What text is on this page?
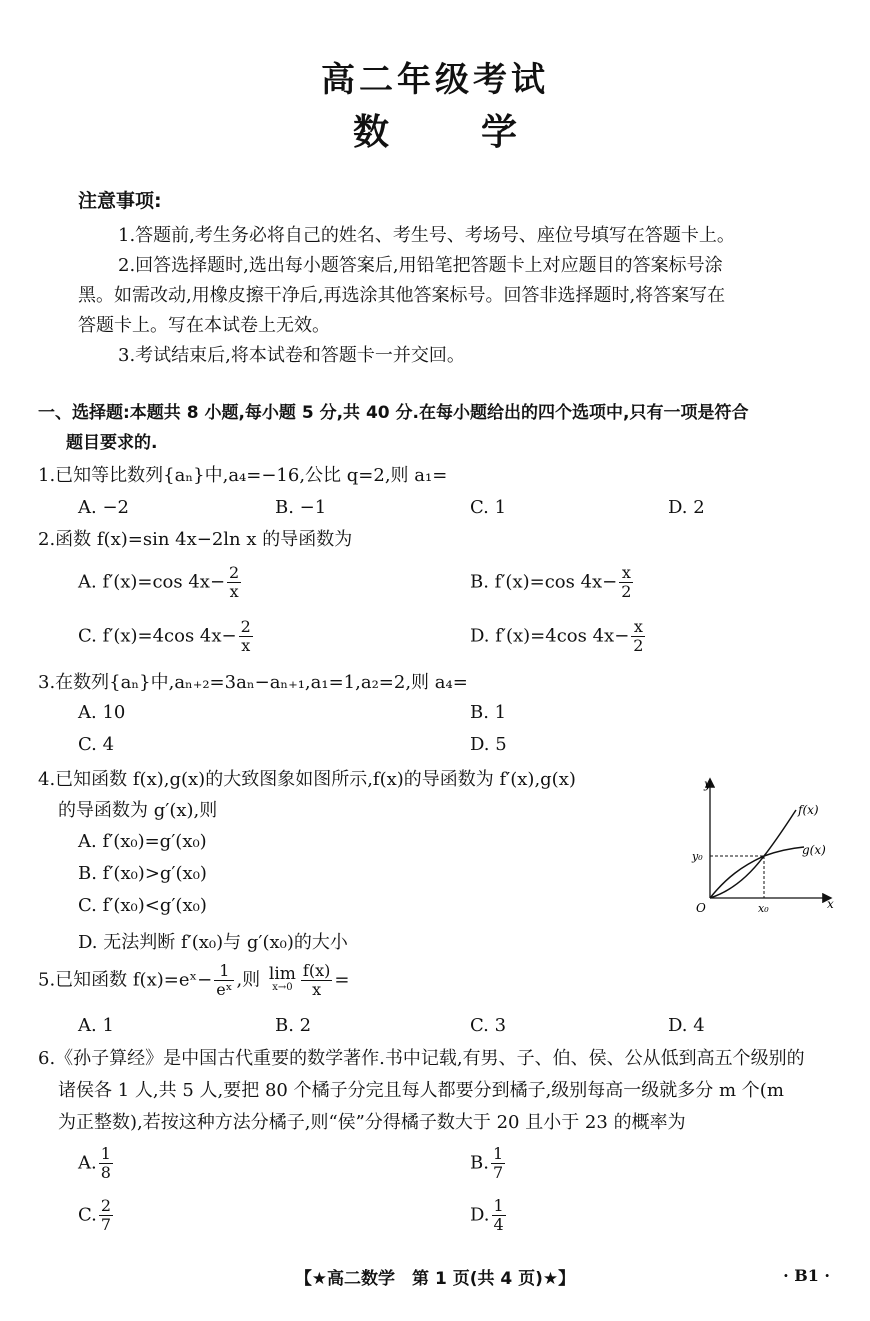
高二年级考试
数	学
注意事项:
1.答题前,考生务必将自己的姓名、考生号、考场号、座位号填写在答题卡上。
2.回答选择题时,选出每小题答案后,用铅笔把答题卡上对应题目的答案标号涂
黑。如需改动,用橡皮擦干净后,再选涂其他答案标号。回答非选择题时,将答案写在
答题卡上。写在本试卷上无效。
3.考试结束后,将本试卷和答题卡一并交回。
一、选择题:本题共 8 小题,每小题 5 分,共 40 分.在每小题给出的四个选项中,只有一项是符合
题目要求的.
1.已知等比数列{aₙ}中,a₄=−16,公比 q=2,则 a₁=
A. −2	B. −1	C. 1	D. 2
2.函数 f(x)=sin 4x−2ln x 的导函数为
A. f′(x)=cos $4x- \frac{2}{x}$	B. f′(x)=cos $4x- \frac{x}{2}$
C. f′(x)=4cos $4x- \frac{2}{x}$	D. f′(x)=4cos $4x- \frac{x}{2}$
3.在数列{aₙ}中,aₙ₊₂=3aₙ−aₙ₊₁,a₁=1,a₂=2,则 a₄=
A. 10	B. 1
C. 4	D. 5
4.已知函数 f(x),g(x)的大致图象如图所示,f(x)的导函数为 f′(x),g(x)
的导函数为 g′(x),则
A. f′(x₀)=g′(x₀)
B. f′(x₀)>g′(x₀)
C. f′(x₀)<g′(x₀)
D. 无法判断 f′(x₀)与 g′(x₀)的大小
y
x
O
y₀
x₀
f(x)
g(x)
5.已知函数 f(x)=eˣ− $\frac{1}{\text{eˣ}}$ ,则 lim
$x\to 0 \frac{f(x)}{x}$ =
A. 1	B. 2	C. 3	D. 4
6.《孙子算经》是中国古代重要的数学著作.书中记载,有男、子、伯、侯、公从低到高五个级别的
诸侯各 1 人,共 5 人,要把 80 个橘子分完且每人都要分到橘子,级别每高一级就多分 m 个(m
为正整数),若按这种方法分橘子,则“侯”分得橘子数大于 20 且小于 23 的概率为
A. $\frac{1}{8}$	B. $\frac{1}{7}$
C. $\frac{2}{7}$	D. $\frac{1}{4}$
【★高二数学　第 1 页(共 4 页)★】	· B1 ·
